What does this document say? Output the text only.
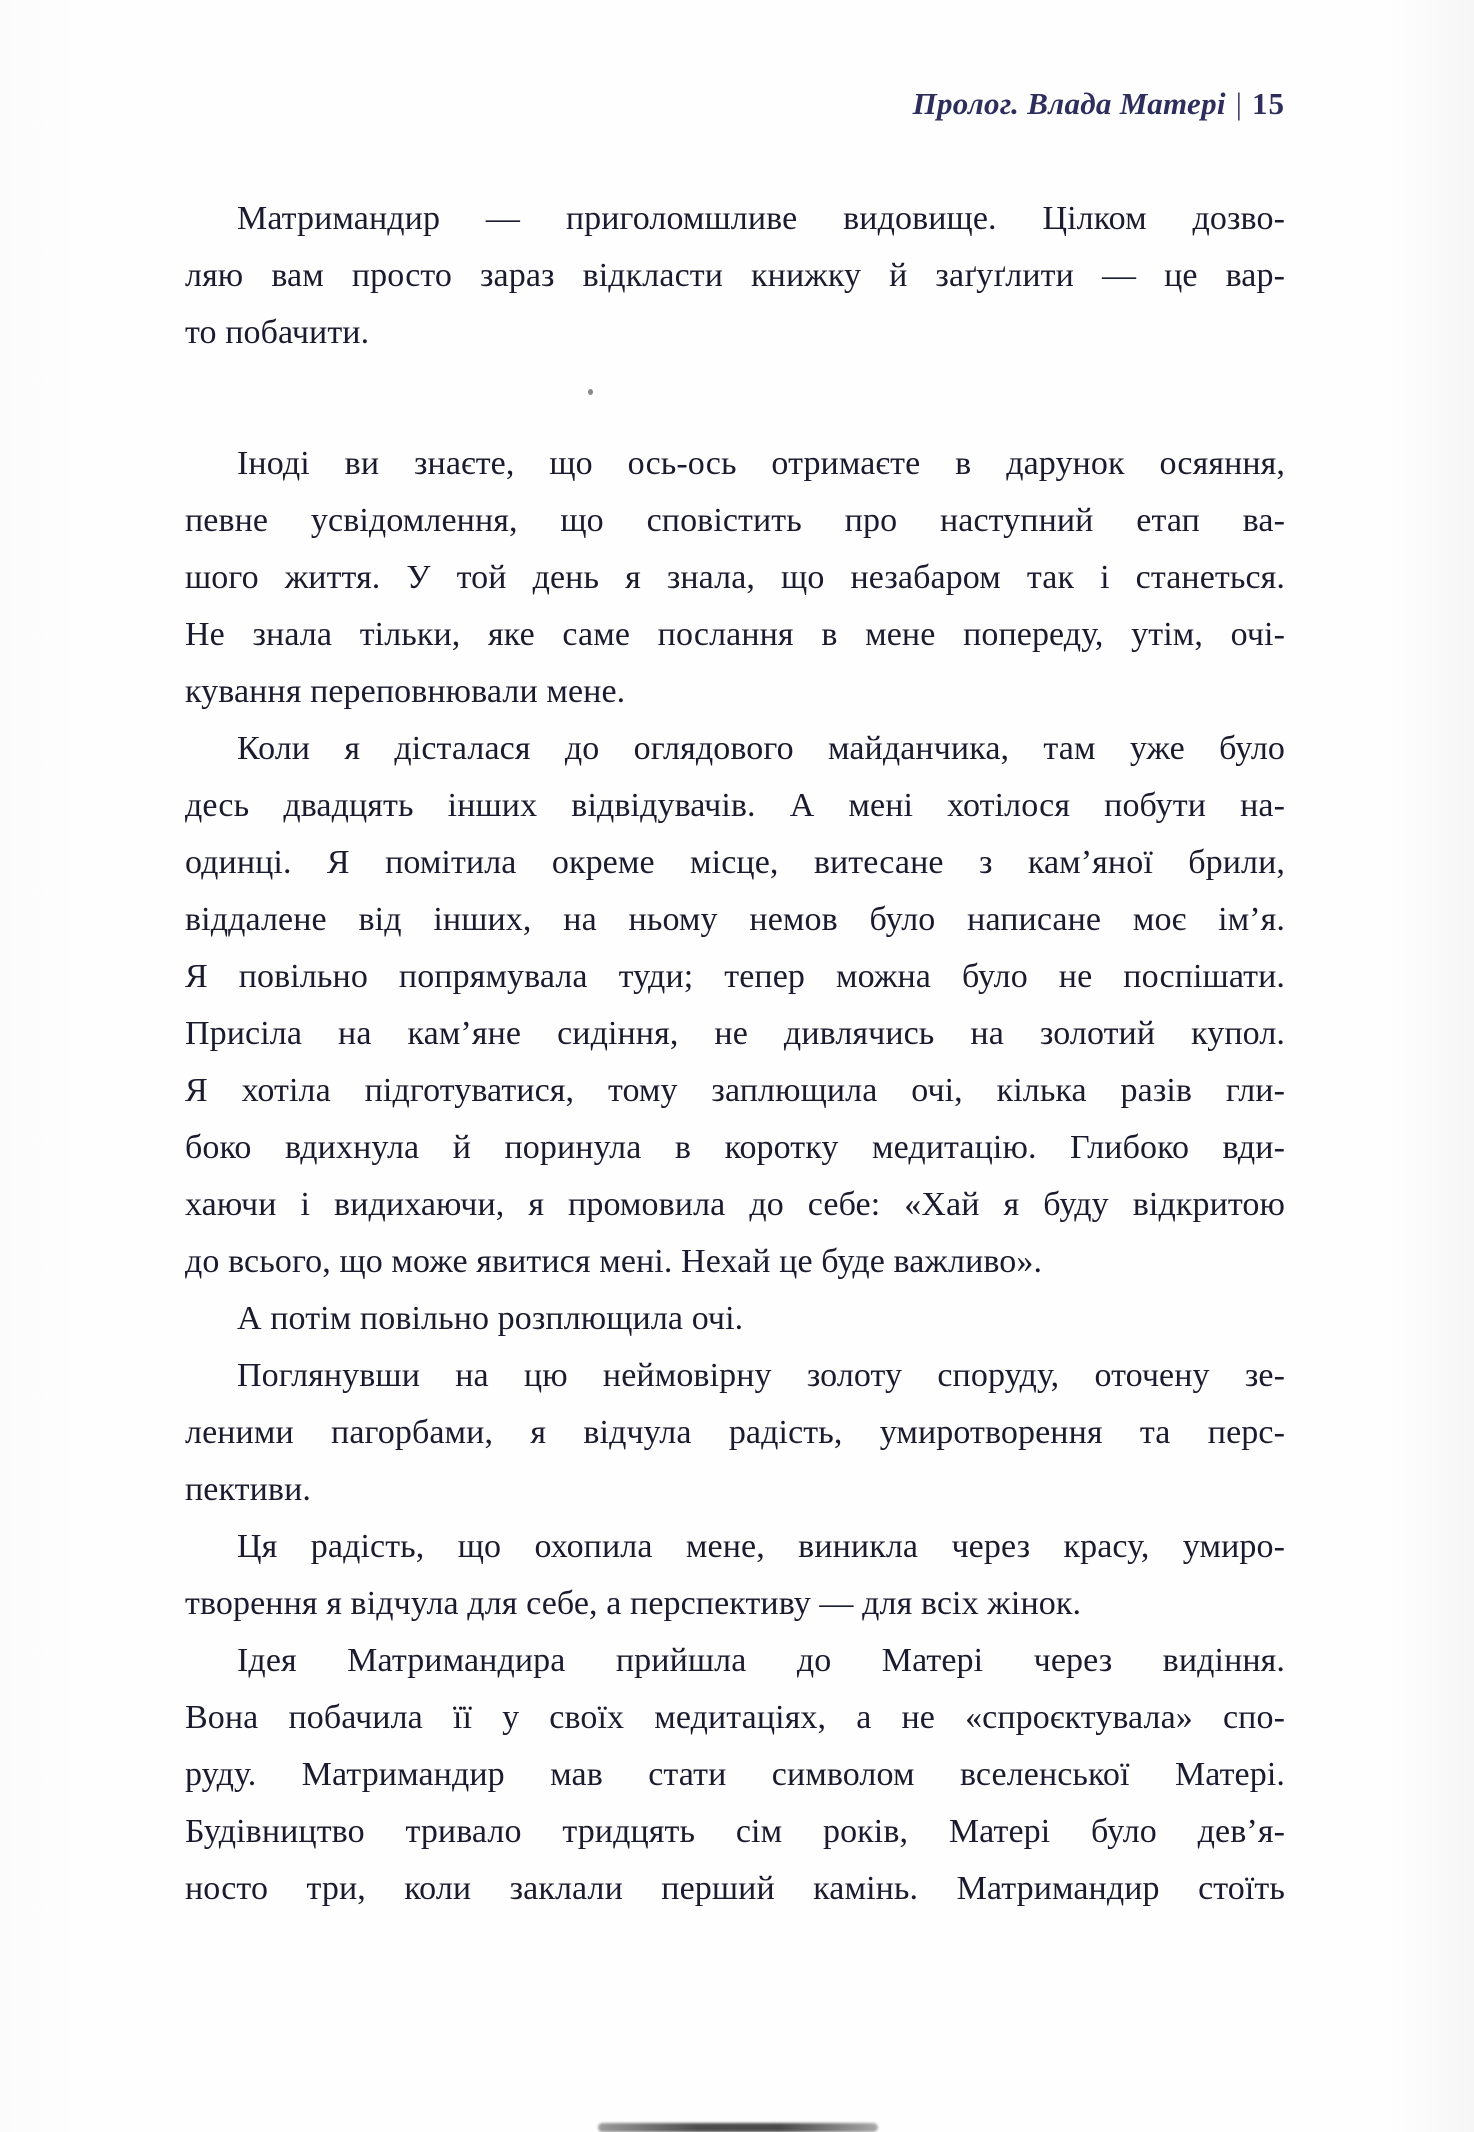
Пролог. Влада Матері | 15
Матримандир — приголомшливе видовище. Цілком дозво-
ляю вам просто зараз відкласти книжку й заґуґлити — це вар-
то побачити.
Іноді ви знаєте, що ось-ось отримаєте в дарунок осяяння,
певне усвідомлення, що сповістить про наступний етап ва-
шого життя. У той день я знала, що незабаром так і станеться.
Не знала тільки, яке саме послання в мене попереду, утім, очі-
кування переповнювали мене.
Коли я дісталася до оглядового майданчика, там уже було
десь двадцять інших відвідувачів. А мені хотілося побути на-
одинці. Я помітила окреме місце, витесане з кам’яної брили,
віддалене від інших, на ньому немов було написане моє ім’я.
Я повільно попрямувала туди; тепер можна було не поспішати.
Присіла на кам’яне сидіння, не дивлячись на золотий купол.
Я хотіла підготуватися, тому заплющила очі, кілька разів гли-
боко вдихнула й поринула в коротку медитацію. Глибоко вди-
хаючи і видихаючи, я промовила до себе: «Хай я буду відкритою
до всього, що може явитися мені. Нехай це буде важливо».
А потім повільно розплющила очі.
Поглянувши на цю неймовірну золоту споруду, оточену зе-
леними пагорбами, я відчула радість, умиротворення та перс-
пективи.
Ця радість, що охопила мене, виникла через красу, умиро-
творення я відчула для себе, а перспективу — для всіх жінок.
Ідея Матримандира прийшла до Матері через видіння.
Вона побачила її у своїх медитаціях, а не «спроєктувала» спо-
руду. Матримандир мав стати символом вселенської Матері.
Будівництво тривало тридцять сім років, Матері було дев’я-
носто три, коли заклали перший камінь. Матримандир стоїть
